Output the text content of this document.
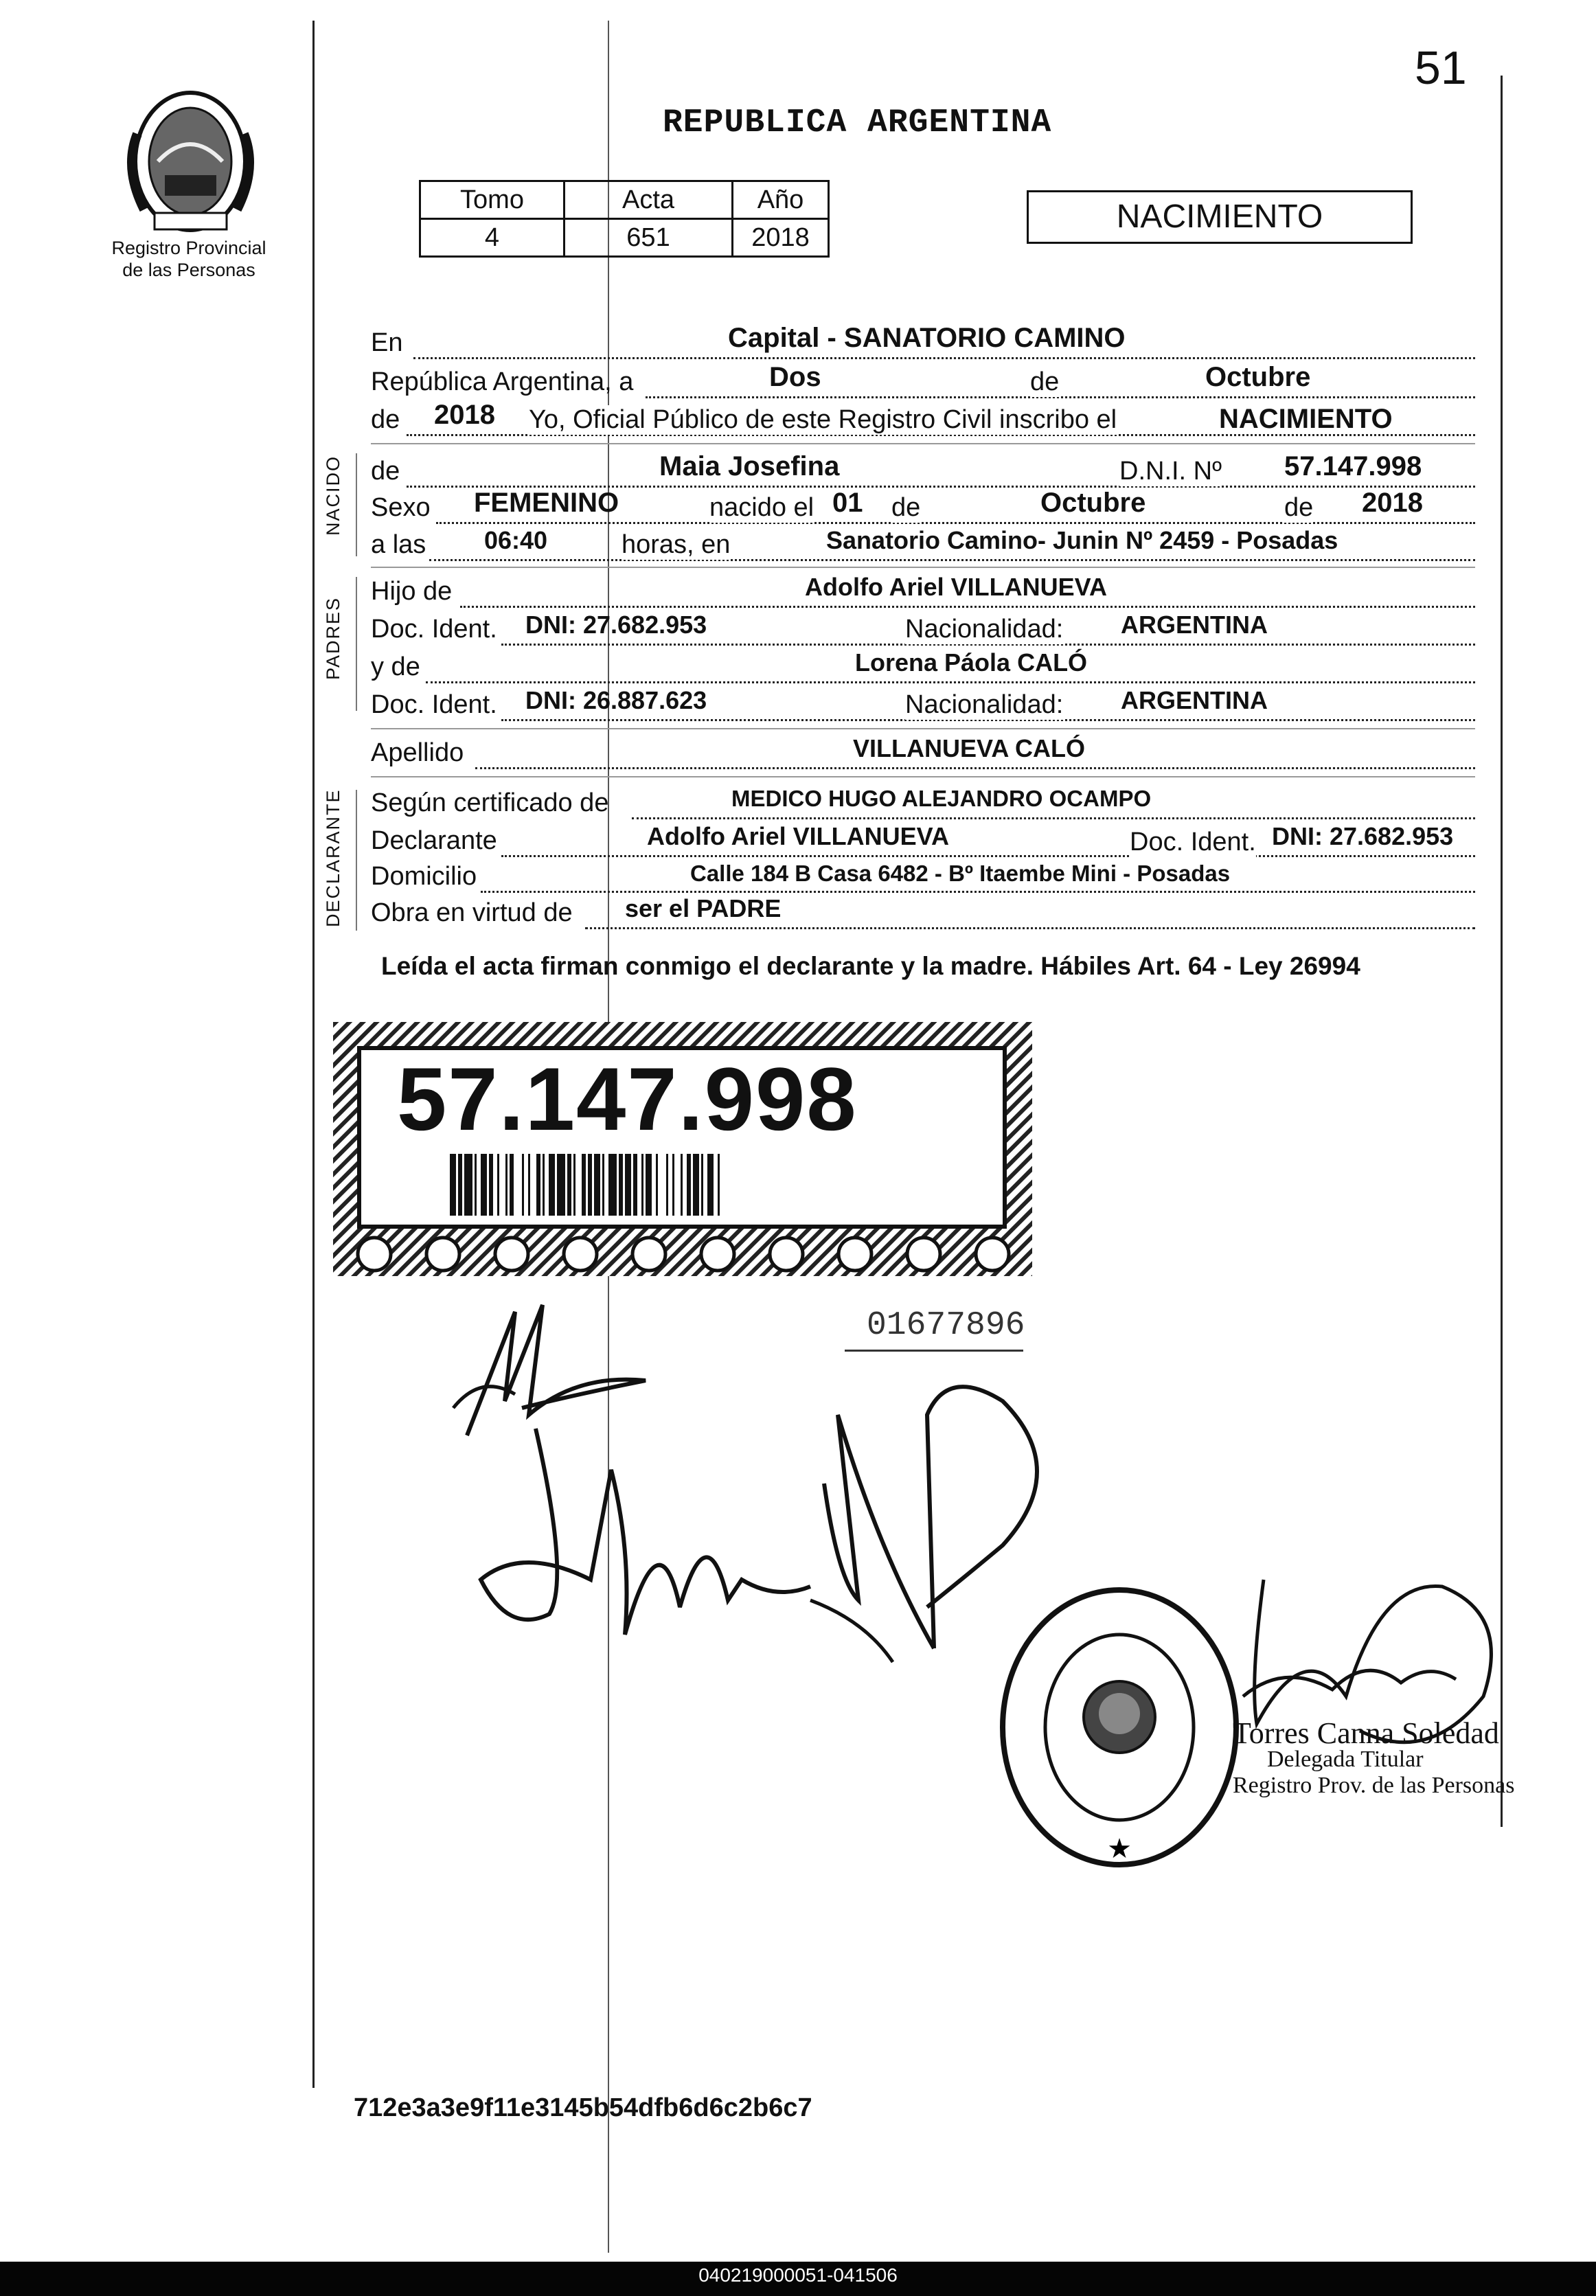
51
Registro Provincial
de las Personas
REPUBLICA ARGENTINA
Tomo	Acta	Año
4	651	2018
NACIMIENTO
En	Capital - SANATORIO CAMINO
República Argentina, a	Dos	de	Octubre
de 2018 Yo, Oficial Público de este Registro Civil inscribo el	NACIMIENTO
NACIDO de	Maia Josefina	D.N.I. Nº 57.147.998
Sexo FEMENINO	nacido el 01 de	Octubre	de 2018
a las 06:40	horas, en	Sanatorio Camino- Junin Nº 2459 - Posadas
PADRES
Hijo de	Adolfo Ariel VILLANUEVA
Doc. Ident. DNI: 27.682.953	Nacionalidad: ARGENTINA
y de	Lorena Páola CALÓ
Doc. Ident. DNI: 26.887.623	Nacionalidad: ARGENTINA
Apellido	VILLANUEVA CALÓ
DECLARANTE Según certificado de	MEDICO HUGO ALEJANDRO OCAMPO
Declarante	Adolfo Ariel VILLANUEVA	Doc. Ident. DNI: 27.682.953
Domicilio	Calle 184 B Casa 6482 - Bº Itaembe Mini - Posadas
Obra en virtud de ser el PADRE
Leída el acta firman conmigo el declarante y la madre. Hábiles Art. 64 - Ley 26994
57.147.998
01677896
★
Torres Canna Soledad
Delegada Titular
Registro Prov. de las Personas
712e3a3e9f11e3145b54dfb6d6c2b6c7
040219000051-041506
